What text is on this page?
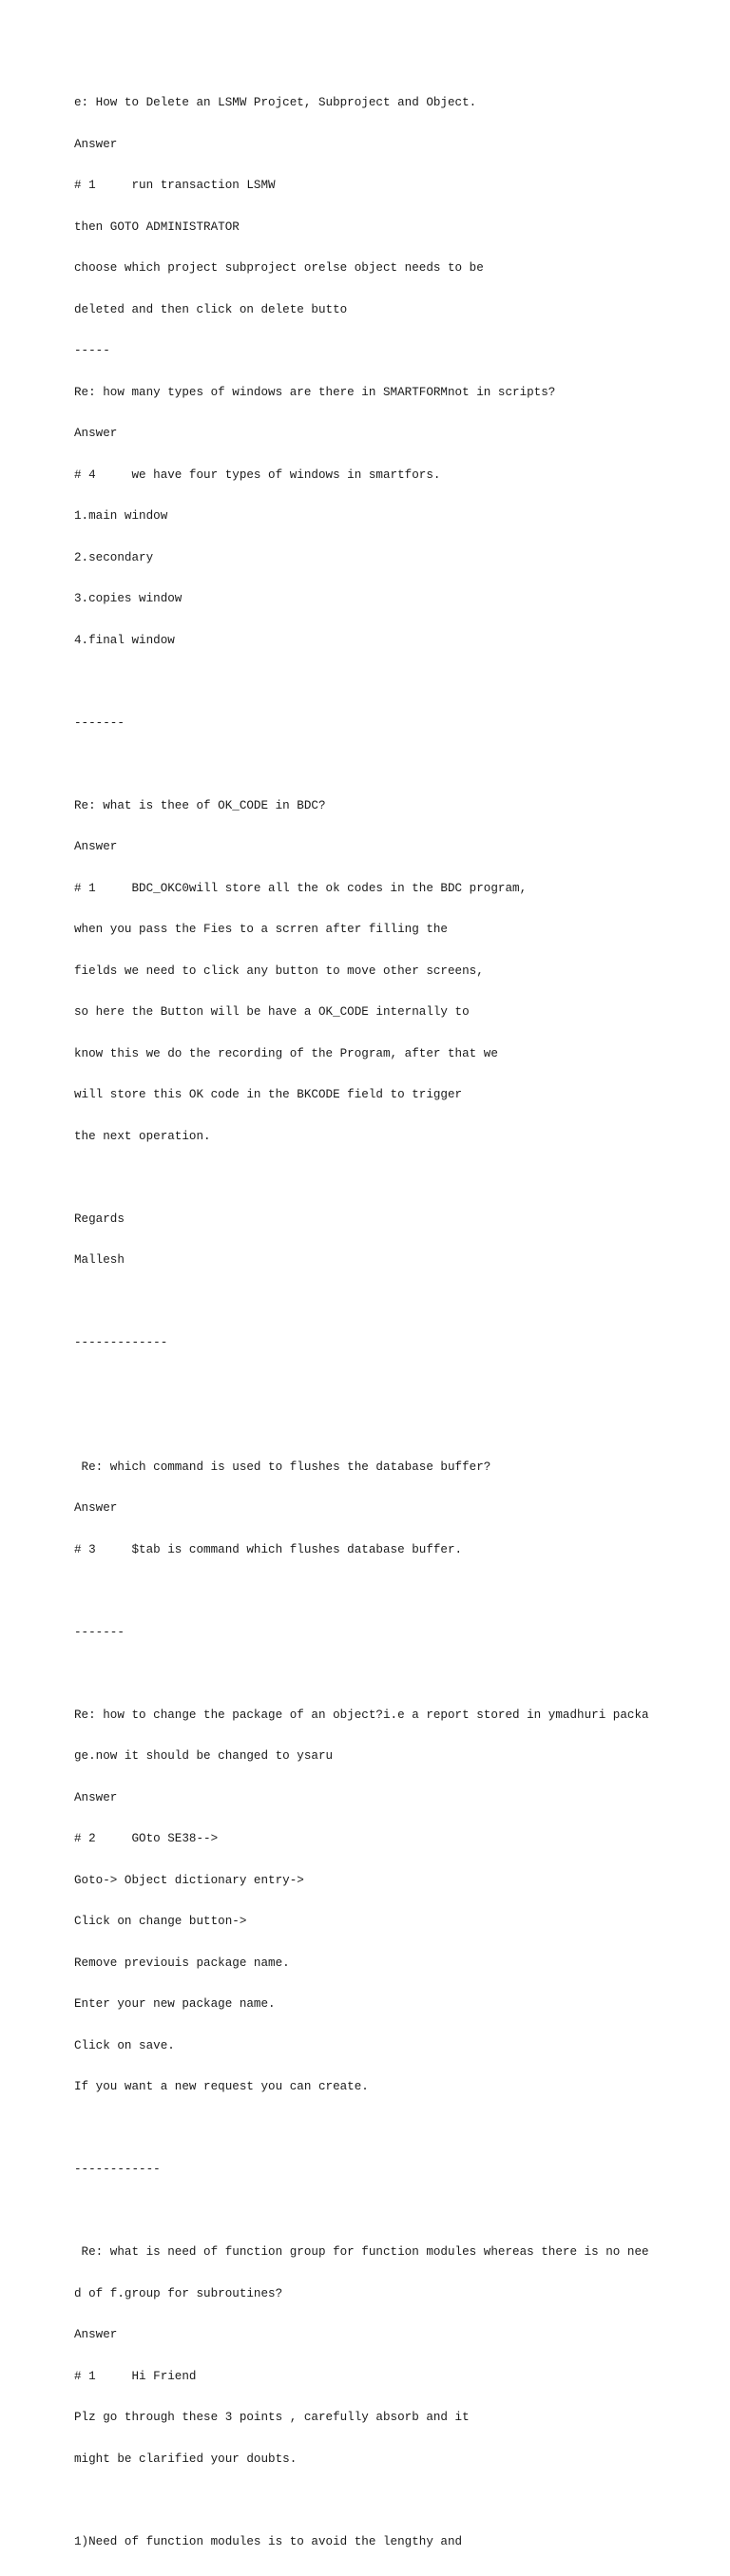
e: How to Delete an LSMW Projcet, Subproject and Object.

Answer

# 1     run transaction LSMW

then GOTO ADMINISTRATOR

choose which project subproject orelse object needs to be

deleted and then click on delete butto

-----

Re: how many types of windows are there in SMARTFORMnot in scripts?

Answer

# 4     we have four types of windows in smartfors.

1.main window

2.secondary

3.copies window

4.final window

-------

Re: what is thee of OK_CODE in BDC?

Answer

# 1     BDC_OKC0will store all the ok codes in the BDC program,

when you pass the Fies to a scrren after filling the

fields we need to click any button to move other screens,

so here the Button will be have a OK_CODE internally to

know this we do the recording of the Program, after that we

will store this OK code in the BKCODE field to trigger

the next operation.

Regards

Mallesh

-------------

Re: which command is used to flushes the database buffer?

Answer

# 3     $tab is command which flushes database buffer.

-------

Re: how to change the package of an object?i.e a report stored in ymadhuri packa

ge.now it should be changed to ysaru

Answer

# 2     GOto SE38-->

Goto-> Object dictionary entry->

Click on change button->

Remove previouis package name.

Enter your new package name.

Click on save.

If you want a new request you can create.

------------

Re: what is need of function group for function modules whereas there is no nee

d of f.group for subroutines?

Answer

# 1     Hi Friend

Plz go through these 3 points , carefully absorb and it

might be clarified your doubts.

1)Need of function modules is to avoid the lengthy and
